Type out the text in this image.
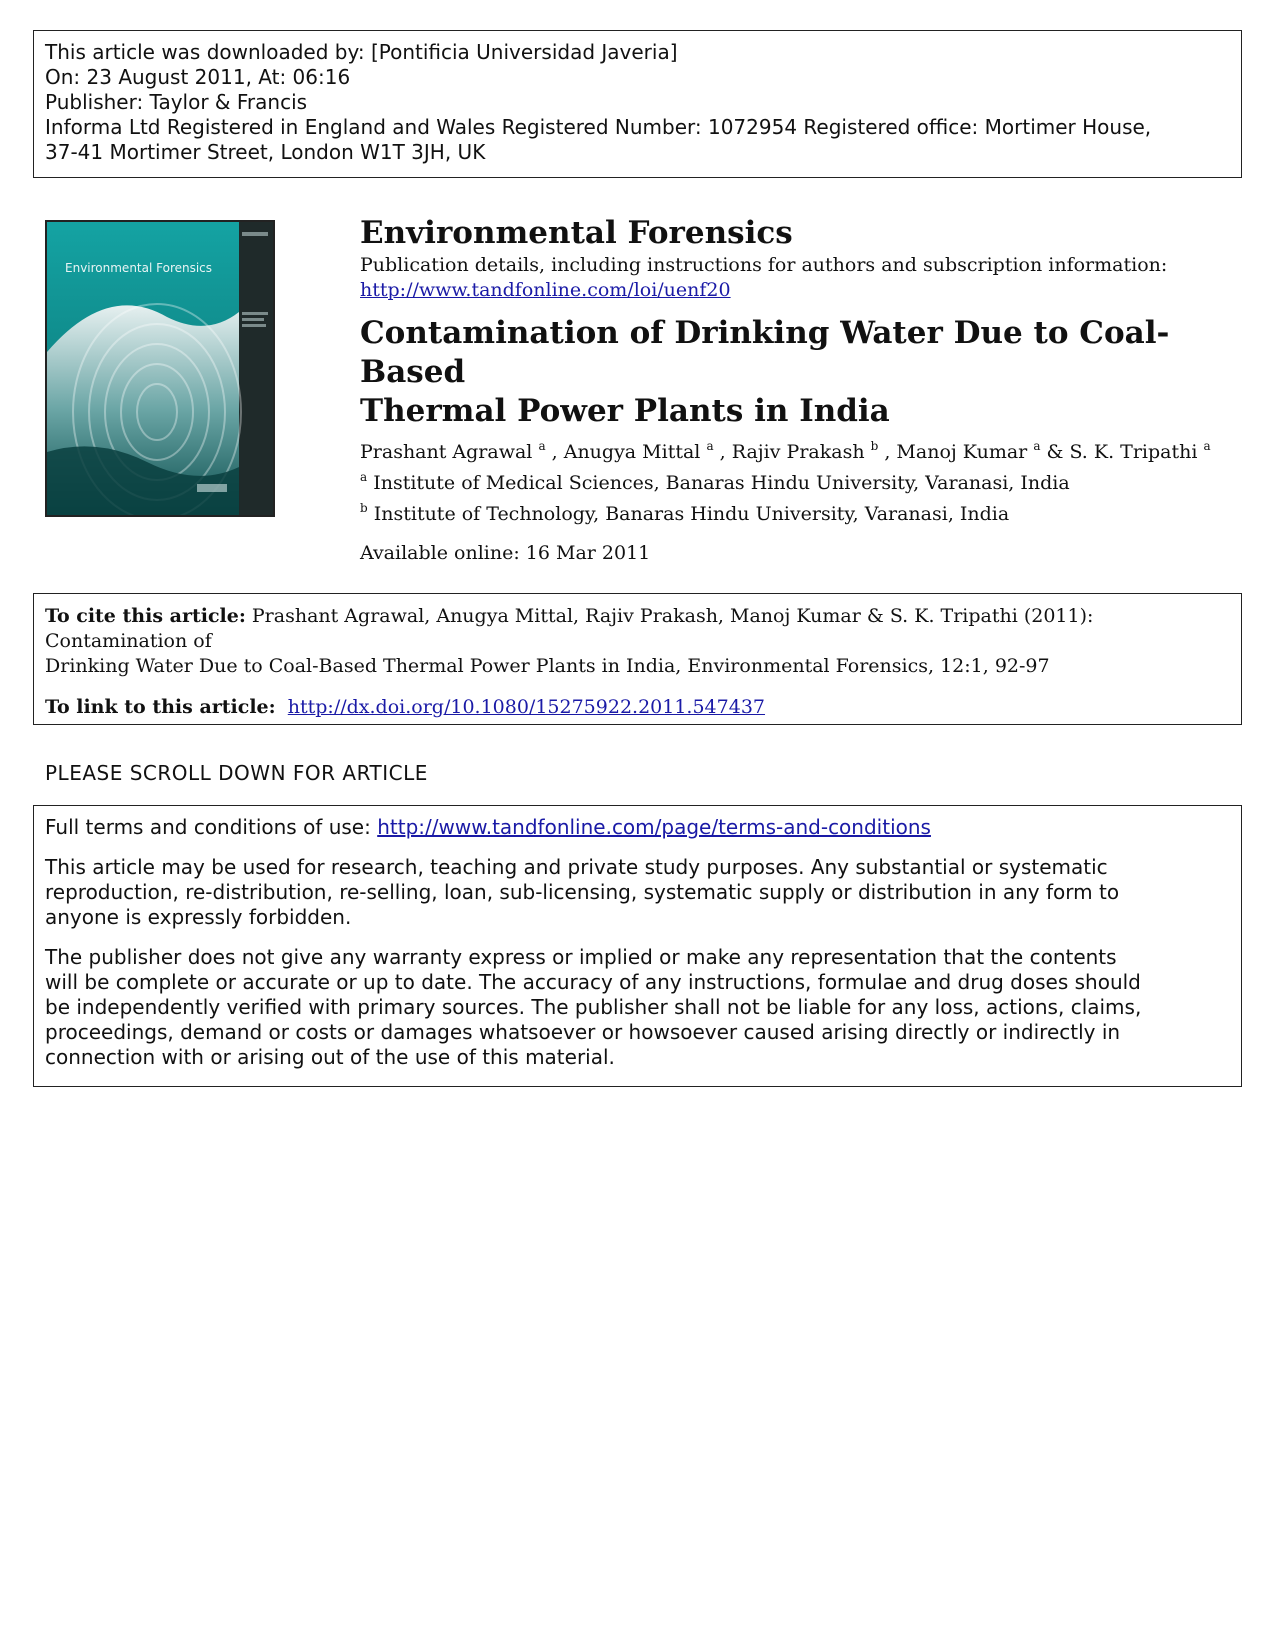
This article was downloaded by: [Pontificia Universidad Javeria]
On: 23 August 2011, At: 06:16
Publisher: Taylor & Francis
Informa Ltd Registered in England and Wales Registered Number: 1072954 Registered office: Mortimer House,
37-41 Mortimer Street, London W1T 3JH, UK
Environmental Forensics
Environmental Forensics
Publication details, including instructions for authors and subscription information:
http://www.tandfonline.com/loi/uenf20
Contamination of Drinking Water Due to Coal-Based
Thermal Power Plants in India
Prashant Agrawal $^a$ , Anugya Mittal $^a$ , Rajiv Prakash $^b$ , Manoj Kumar $^a$ & S. K. Tripathi $^a$
$^a$ Institute of Medical Sciences, Banaras Hindu University, Varanasi, India
$^b$ Institute of Technology, Banaras Hindu University, Varanasi, India
Available online: 16 Mar 2011
To cite this article: Prashant Agrawal, Anugya Mittal, Rajiv Prakash, Manoj Kumar & S. K. Tripathi (2011): Contamination of
Drinking Water Due to Coal-Based Thermal Power Plants in India, Environmental Forensics, 12:1, 92-97
To link to this article: http://dx.doi.org/10.1080/15275922.2011.547437
PLEASE SCROLL DOWN FOR ARTICLE

Full terms and conditions of use: http://www.tandfonline.com/page/terms-and-conditions

This article may be used for research, teaching and private study purposes. Any substantial or systematic
reproduction, re-distribution, re-selling, loan, sub-licensing, systematic supply or distribution in any form to
anyone is expressly forbidden.

The publisher does not give any warranty express or implied or make any representation that the contents
will be complete or accurate or up to date. The accuracy of any instructions, formulae and drug doses should
be independently verified with primary sources. The publisher shall not be liable for any loss, actions, claims,
proceedings, demand or costs or damages whatsoever or howsoever caused arising directly or indirectly in
connection with or arising out of the use of this material.
